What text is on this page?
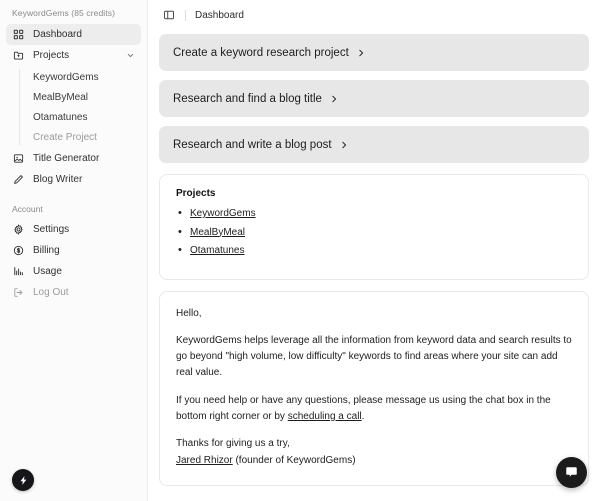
KeywordGems (85 credits)
Dashboard
Projects
KeywordGems
MealByMeal
Otamatunes
Create Project
Title Generator
Blog Writer
Account
Settings
Billing
Usage
Log Out
Dashboard
Create a keyword research project
Research and find a blog title
Research and write a blog post
Projects
• KeywordGems
• MealByMeal
• Otamatunes

Hello,

KeywordGems helps leverage all the information from keyword data and search results to go beyond "high volume, low difficulty" keywords to find areas where your site can add real value.

If you need help or have any questions, please message us using the chat box in the bottom right corner or by scheduling a call.

Thanks for giving us a try,
Jared Rhizor (founder of KeywordGems)
